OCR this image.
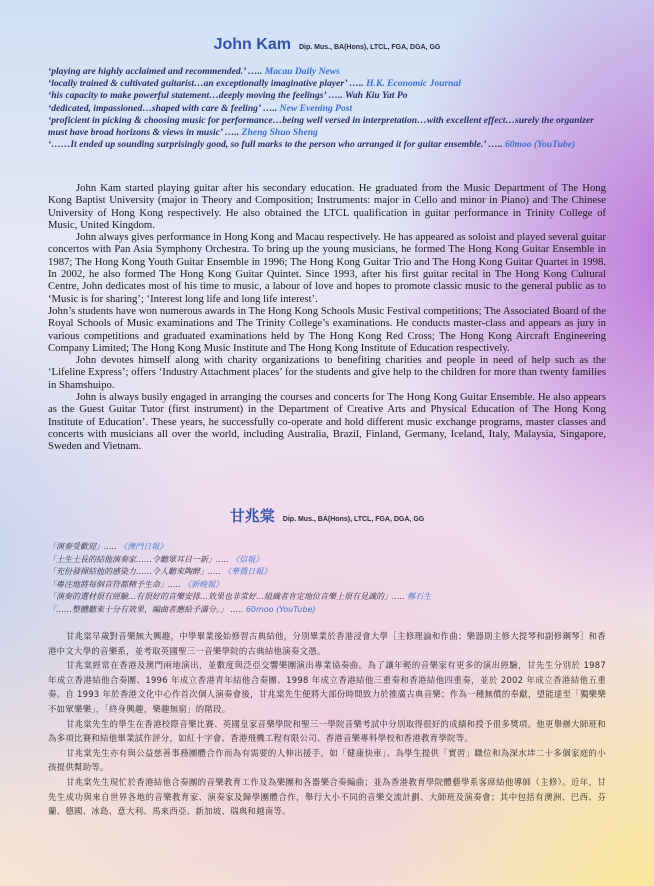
John Kam Dip. Mus., BA(Hons), LTCL, FGA, DGA, GG
‘playing are highly acclaimed and recommended.’ ….. Macau Daily News
‘locally trained & cultivated guitarist…an exceptionally imaginative player’ ….. H.K. Economic Journal
‘his capacity to make powerful statement…deeply moving the feelings’ ….. Wah Kiu Yat Po
‘dedicated, impassioned…shaped with care & feeling’ ….. New Evening Post
‘proficient in picking & choosing music for performance…being well versed in interpretation…with excellent effect…surely the organizer must have broad horizons & views in music’ ….. Zheng Shuo Sheng
‘……It ended up sounding surprisingly good, so full marks to the person who arranged it for guitar ensemble.’ ….. 60moo (YouTube)

John Kam started playing guitar after his secondary education. He graduated from the Music Department of The Hong Kong Baptist University (major in Theory and Composition; Instruments: major in Cello and minor in Piano) and The Chinese University of Hong Kong respectively. He also obtained the LTCL qualification in guitar performance in Trinity College of Music, United Kingdom.

John always gives performance in Hong Kong and Macau respectively. He has appeared as soloist and played several guitar concertos with Pan Asia Symphony Orchestra. To bring up the young musicians, he formed The Hong Kong Guitar Ensemble in 1987; The Hong Kong Youth Guitar Ensemble in 1996; The Hong Kong Guitar Trio and The Hong Kong Guitar Quartet in 1998. In 2002, he also formed The Hong Kong Guitar Quintet. Since 1993, after his first guitar recital in The Hong Kong Cultural Centre, John dedicates most of his time to music, a labour of love and hopes to promote classic music to the general public as to ‘Music is for sharing’; ‘Interest long life and long life interest’.

John’s students have won numerous awards in The Hong Kong Schools Music Festival competitions; The Associated Board of the Royal Schools of Music examinations and The Trinity College’s examinations. He conducts master-class and appears as jury in various competitions and graduated examinations held by The Hong Kong Red Cross; The Hong Kong Aircraft Engineering Company Limited; The Hong Kong Music Institute and The Hong Kong Institute of Education respectively.

John devotes himself along with charity organizations to benefiting charities and people in need of help such as the ‘Lifeline Express’; offers ‘Industry Attachment places’ for the students and give help to the children for more than twenty families in Shamshuipo.

John is always busily engaged in arranging the courses and concerts for The Hong Kong Guitar Ensemble. He also appears as the Guest Guitar Tutor (first instrument) in the Department of Creative Arts and Physical Education of The Hong Kong Institute of Education’. These years, he successfully co-operate and hold different music exchange programs, master classes and concerts with musicians all over the world, including Australia, Brazil, Finland, Germany, Iceland, Italy, Malaysia, Singapore, Sweden and Vietnam.

甘兆棠 Dip. Mus., BA(Hons), LTCL, FGA, DGA, GG
「演奏受歡迎」..... 《澳門日報》
「土生土長的結他演奏家……令聽眾耳目一新」..... 《信報》
「充份發揮結他的感染力……令人聽來陶醉」..... 《華僑日報》
「專注地將每個音符都精予生命」..... 《新晚報》
「演奏的選材很有經驗…有很好的音樂安排…效果也非常好…組織者肯定地位音樂上很有見識的」..... 鄭石生
「……整體聽來十分有效果，編曲者應給予滿分。」 ..... 60moo (YouTube)

甘兆棠早歲對音樂無大興趣，中學畢業後始修習古典結他，分別畢業於香港浸會大學［主修理論和作曲；樂器則主修大提琴和副修鋼琴］和香港中文大學的音樂系，並考取英國聖三一音樂學院的古典結他演奏文憑。

甘兆棠經常在香港及澳門兩地演出，並數度與泛亞交響樂團演出專業協奏曲。為了讓年輕的音樂家有更多的演出經驗，甘先生分別於 1987 年成立香港結他合奏團、1996 年成立香港青年結他合奏團、1998 年成立香港結他三重奏和香港結他四重奏，並於 2002 年成立香港結他五重奏。自 1993 年於香港文化中心作首次個人演奏會後，甘兆棠先生便將大部份時間致力於推廣古典音樂；作為一種無償的奉獻，望能達至「獨樂樂不如眾樂樂」，「終身興趣，樂趣無窮」的階段。

甘兆棠先生的學生在香港校際音樂比賽、英國皇家音樂學院和聖三一學院音樂考試中分別取得很好的成績和授予很多獎項。他更舉辦大師班和為多項比賽和結他畢業試作評分，如紅十字會、香港飛機工程有限公司、香港音樂專科學校和香港教育學院等。

甘兆棠先生亦有與公益慈善事務團體合作而為有需要的人伸出援手，如「健康快車」、為學生提供「實習」職位和為深水埗二十多個家庭的小孩提供幫助等。

甘兆棠先生現忙於香港結他合奏團的音樂教育工作及為樂團和各器樂合奏編曲；並為香港教育學院體藝學系客席結他導師（主修）。近年，甘先生成功與來自世界各地的音樂教育家、演奏家及歸學團體合作，舉行大小不同的音樂交流計劃、大師班及演奏會；其中包括有澳洲、巴西、芬蘭、德國、冰島、意大利、馬來西亞、新加坡、瑞典和越南等。
